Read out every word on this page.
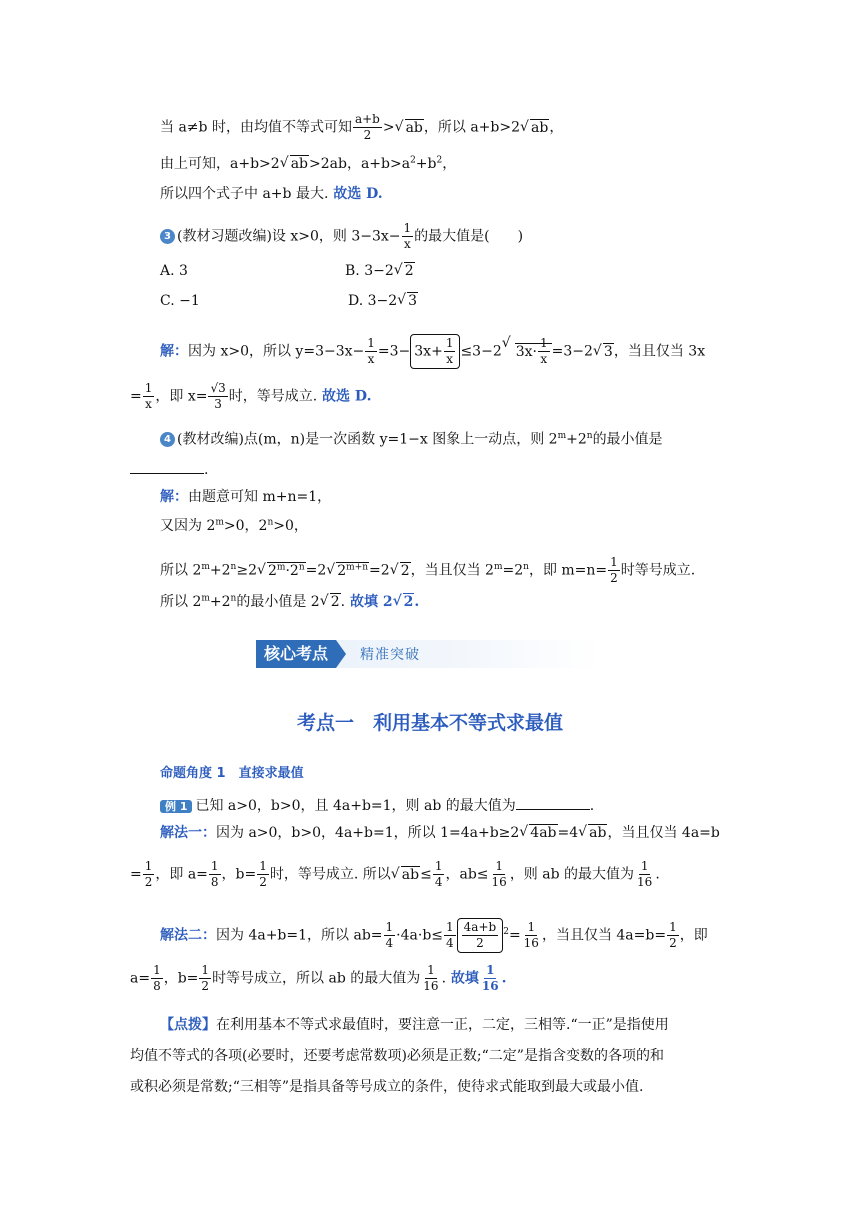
当 a≠b 时，由均值不等式可知 $\frac{a+b}{2}$ >√ ab，所以 a+b>2√ ab，
由上可知，a+b>2√ ab>2ab，$a+b>a^2+b^2$，
所以四个式子中 a+b 最大. 故选 D.
3 (教材习题改编)设 x>0，则 $3-3x- \frac{1}{x}$ 的最大值是(　　)
A. 3	B. 3−2√ 2
C. −1	D. 3−2√ 3
解：因为 x>0，所以 $y=3-3x- \frac{1}{x} =3- 3x+ \frac{1}{x} \le 3-2√$ $3x\cdot \frac{1}{x} =3-2√$ 3，当且仅当 3x
= $\frac{1}{x}$ ，即 $x= \frac{√3}{3}$ 时，等号成立. 故选 D.
4 (教材改编)点(m，n)是一次函数 y=1−x 图象上一动点，则 $2^m+2^n$的最小值是
.
解：由题意可知 m+n=1，
又因为 $2^m>0$，$2^n>0$，
所以 $2^m+2^n\ge 2√$ $2^m\cdot 2^n=2√$ $2^{m+n}=2√$ 2，当且仅当 $2^m=2^n$，即 $m=n= \frac{1}{2}$ 时等号成立.
所以 $2^m+2^n$的最小值是 2√ 2. 故填 2√ 2.
核心考点	精准突破
考点一　利用基本不等式求最值
命题角度 1　直接求最值
例 1 已知 a>0，b>0，且 4a+b=1，则 ab 的最大值为	.
解法一：因为 a>0，b>0，4a+b=1，所以 1=4a+b≥2√ 4ab=4√ ab，当且仅当 4a=b
= $\frac{1}{2}$ ，即 $a= \frac{1}{8}$ ，$b= \frac{1}{2}$ 时，等号成立. 所以√ $ab\le \frac{1}{4}$ ，$ab\le \frac{1}{16}$ ，则 ab 的最大值为 $\frac{1}{16}$ .
解法二：因为 4a+b=1，所以 $ab= \frac{1}{4} \cdot 4a\cdot b\le \frac{1}{4} \frac{4a+b}{2} ^2= \frac{1}{16}$ ，当且仅当 $4a=b= \frac{1}{2}$ ，即
$a= \frac{1}{8}$ ，$b= \frac{1}{2}$ 时等号成立，所以 ab 的最大值为 $\frac{1}{16}$ . 故填 $\frac{1}{16}$ .
【点拨】在利用基本不等式求最值时，要注意一正，二定，三相等.“一正”是指使用
均值不等式的各项(必要时，还要考虑常数项)必须是正数;“二定”是指含变数的各项的和
或积必须是常数;“三相等”是指具备等号成立的条件，使待求式能取到最大或最小值.
